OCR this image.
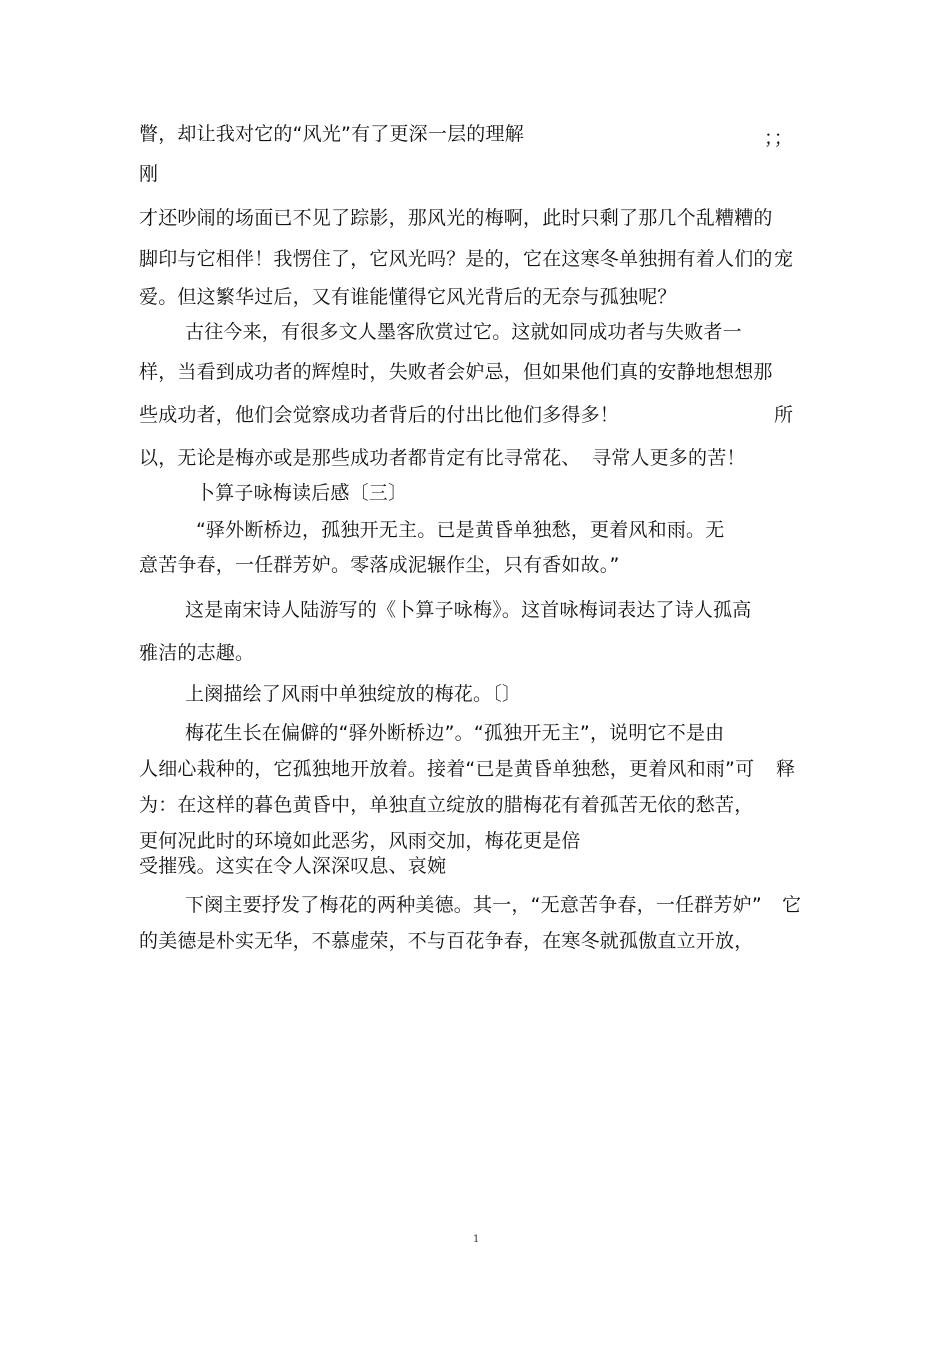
瞥，却让我对它的“风光”有了更深一层的理解	；；
刚
才还吵闹的场面已不见了踪影，那风光的梅啊，此时只剩了那几个乱糟糟的
脚印与它相伴！我愣住了，它风光吗？是的，它在这寒冬单独拥有着人们的 宠
爱。但这繁华过后，又有谁能懂得它风光背后的无奈与孤独呢？
古往今来，有很多文人墨客欣赏过它。这就如同成功者与失败者一
样，当看到成功者的辉煌时，失败者会妒忌，但如果他们真的安静地想想那
些成功者，他们会觉察成功者背后的付出比他们多得多！	所
以，无论是梅亦或是那些成功者都肯定有比寻常花、 寻常人更多的苦！
卜算子咏梅读后感〔三〕
“驿外断桥边，孤独开无主。已是黄昏单独愁，更着风和雨。无
意苦争春，一任群芳妒。零落成泥辗作尘，只有香如故。”
这是南宋诗人陆游写的《卜算子咏梅》。这首咏梅词表达了诗人孤高
雅洁的志趣。
上阕描绘了风雨中单独绽放的梅花。〔〕
梅花生长在偏僻的“驿外断桥边”。“孤独开无主”，说明它不是由
人细心栽种的，它孤独地开放着。接着“已是黄昏单独愁，更着风和雨”可 释
为：在这样的暮色黄昏中，单独直立绽放的腊梅花有着孤苦无依的愁苦，
更何况此时的环境如此恶劣，风雨交加，梅花更是倍
受摧残。这实在令人深深叹息、哀婉
下阕主要抒发了梅花的两种美德。其一，“无意苦争春，一任群芳妒” 它
的美德是朴实无华，不慕虚荣，不与百花争春，在寒冬就孤傲直立开放，
1
